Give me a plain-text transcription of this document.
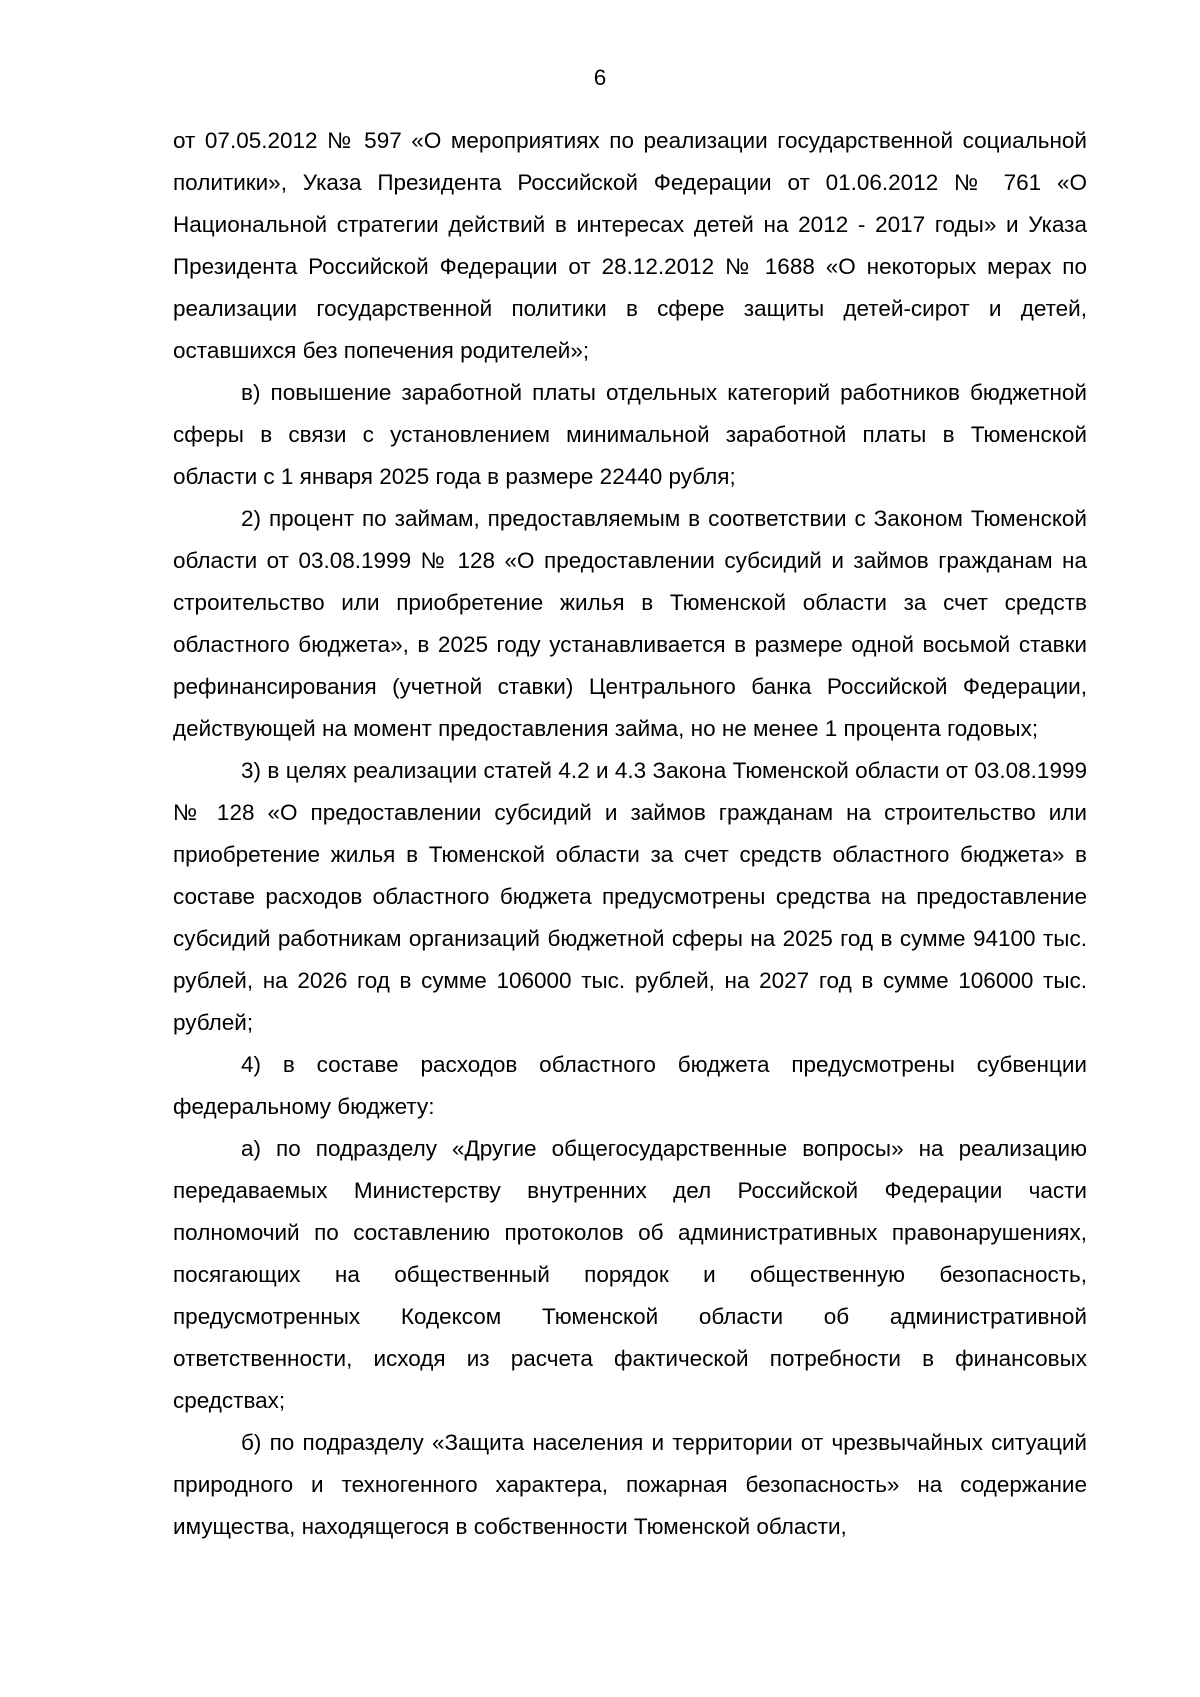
6

от 07.05.2012 № 597 «О мероприятиях по реализации государственной социальной политики», Указа Президента Российской Федерации от 01.06.2012 № 761 «О Национальной стратегии действий в интересах детей на 2012 - 2017 годы» и Указа Президента Российской Федерации от 28.12.2012 № 1688 «О некоторых мерах по реализации государственной политики в сфере защиты детей-сирот и детей, оставшихся без попечения родителей»;

в) повышение заработной платы отдельных категорий работников бюджетной сферы в связи с установлением минимальной заработной платы в Тюменской области с 1 января 2025 года в размере 22440 рубля;

2) процент по займам, предоставляемым в соответствии с Законом Тюменской области от 03.08.1999 № 128 «О предоставлении субсидий и займов гражданам на строительство или приобретение жилья в Тюменской области за счет средств областного бюджета», в 2025 году устанавливается в размере одной восьмой ставки рефинансирования (учетной ставки) Центрального банка Российской Федерации, действующей на момент предоставления займа, но не менее 1 процента годовых;

3) в целях реализации статей 4.2 и 4.3 Закона Тюменской области от 03.08.1999 № 128 «О предоставлении субсидий и займов гражданам на строительство или приобретение жилья в Тюменской области за счет средств областного бюджета» в составе расходов областного бюджета предусмотрены средства на предоставление субсидий работникам организаций бюджетной сферы на 2025 год в сумме 94100 тыс. рублей, на 2026 год в сумме 106000 тыс. рублей, на 2027 год в сумме 106000 тыс. рублей;

4) в составе расходов областного бюджета предусмотрены субвенции федеральному бюджету:

а) по подразделу «Другие общегосударственные вопросы» на реализацию передаваемых Министерству внутренних дел Российской Федерации части полномочий по составлению протоколов об административных правонарушениях, посягающих на общественный порядок и общественную безопасность, предусмотренных Кодексом Тюменской области об административной ответственности, исходя из расчета фактической потребности в финансовых средствах;

б) по подразделу «Защита населения и территории от чрезвычайных ситуаций природного и техногенного характера, пожарная безопасность» на содержание имущества, находящегося в собственности Тюменской области,
